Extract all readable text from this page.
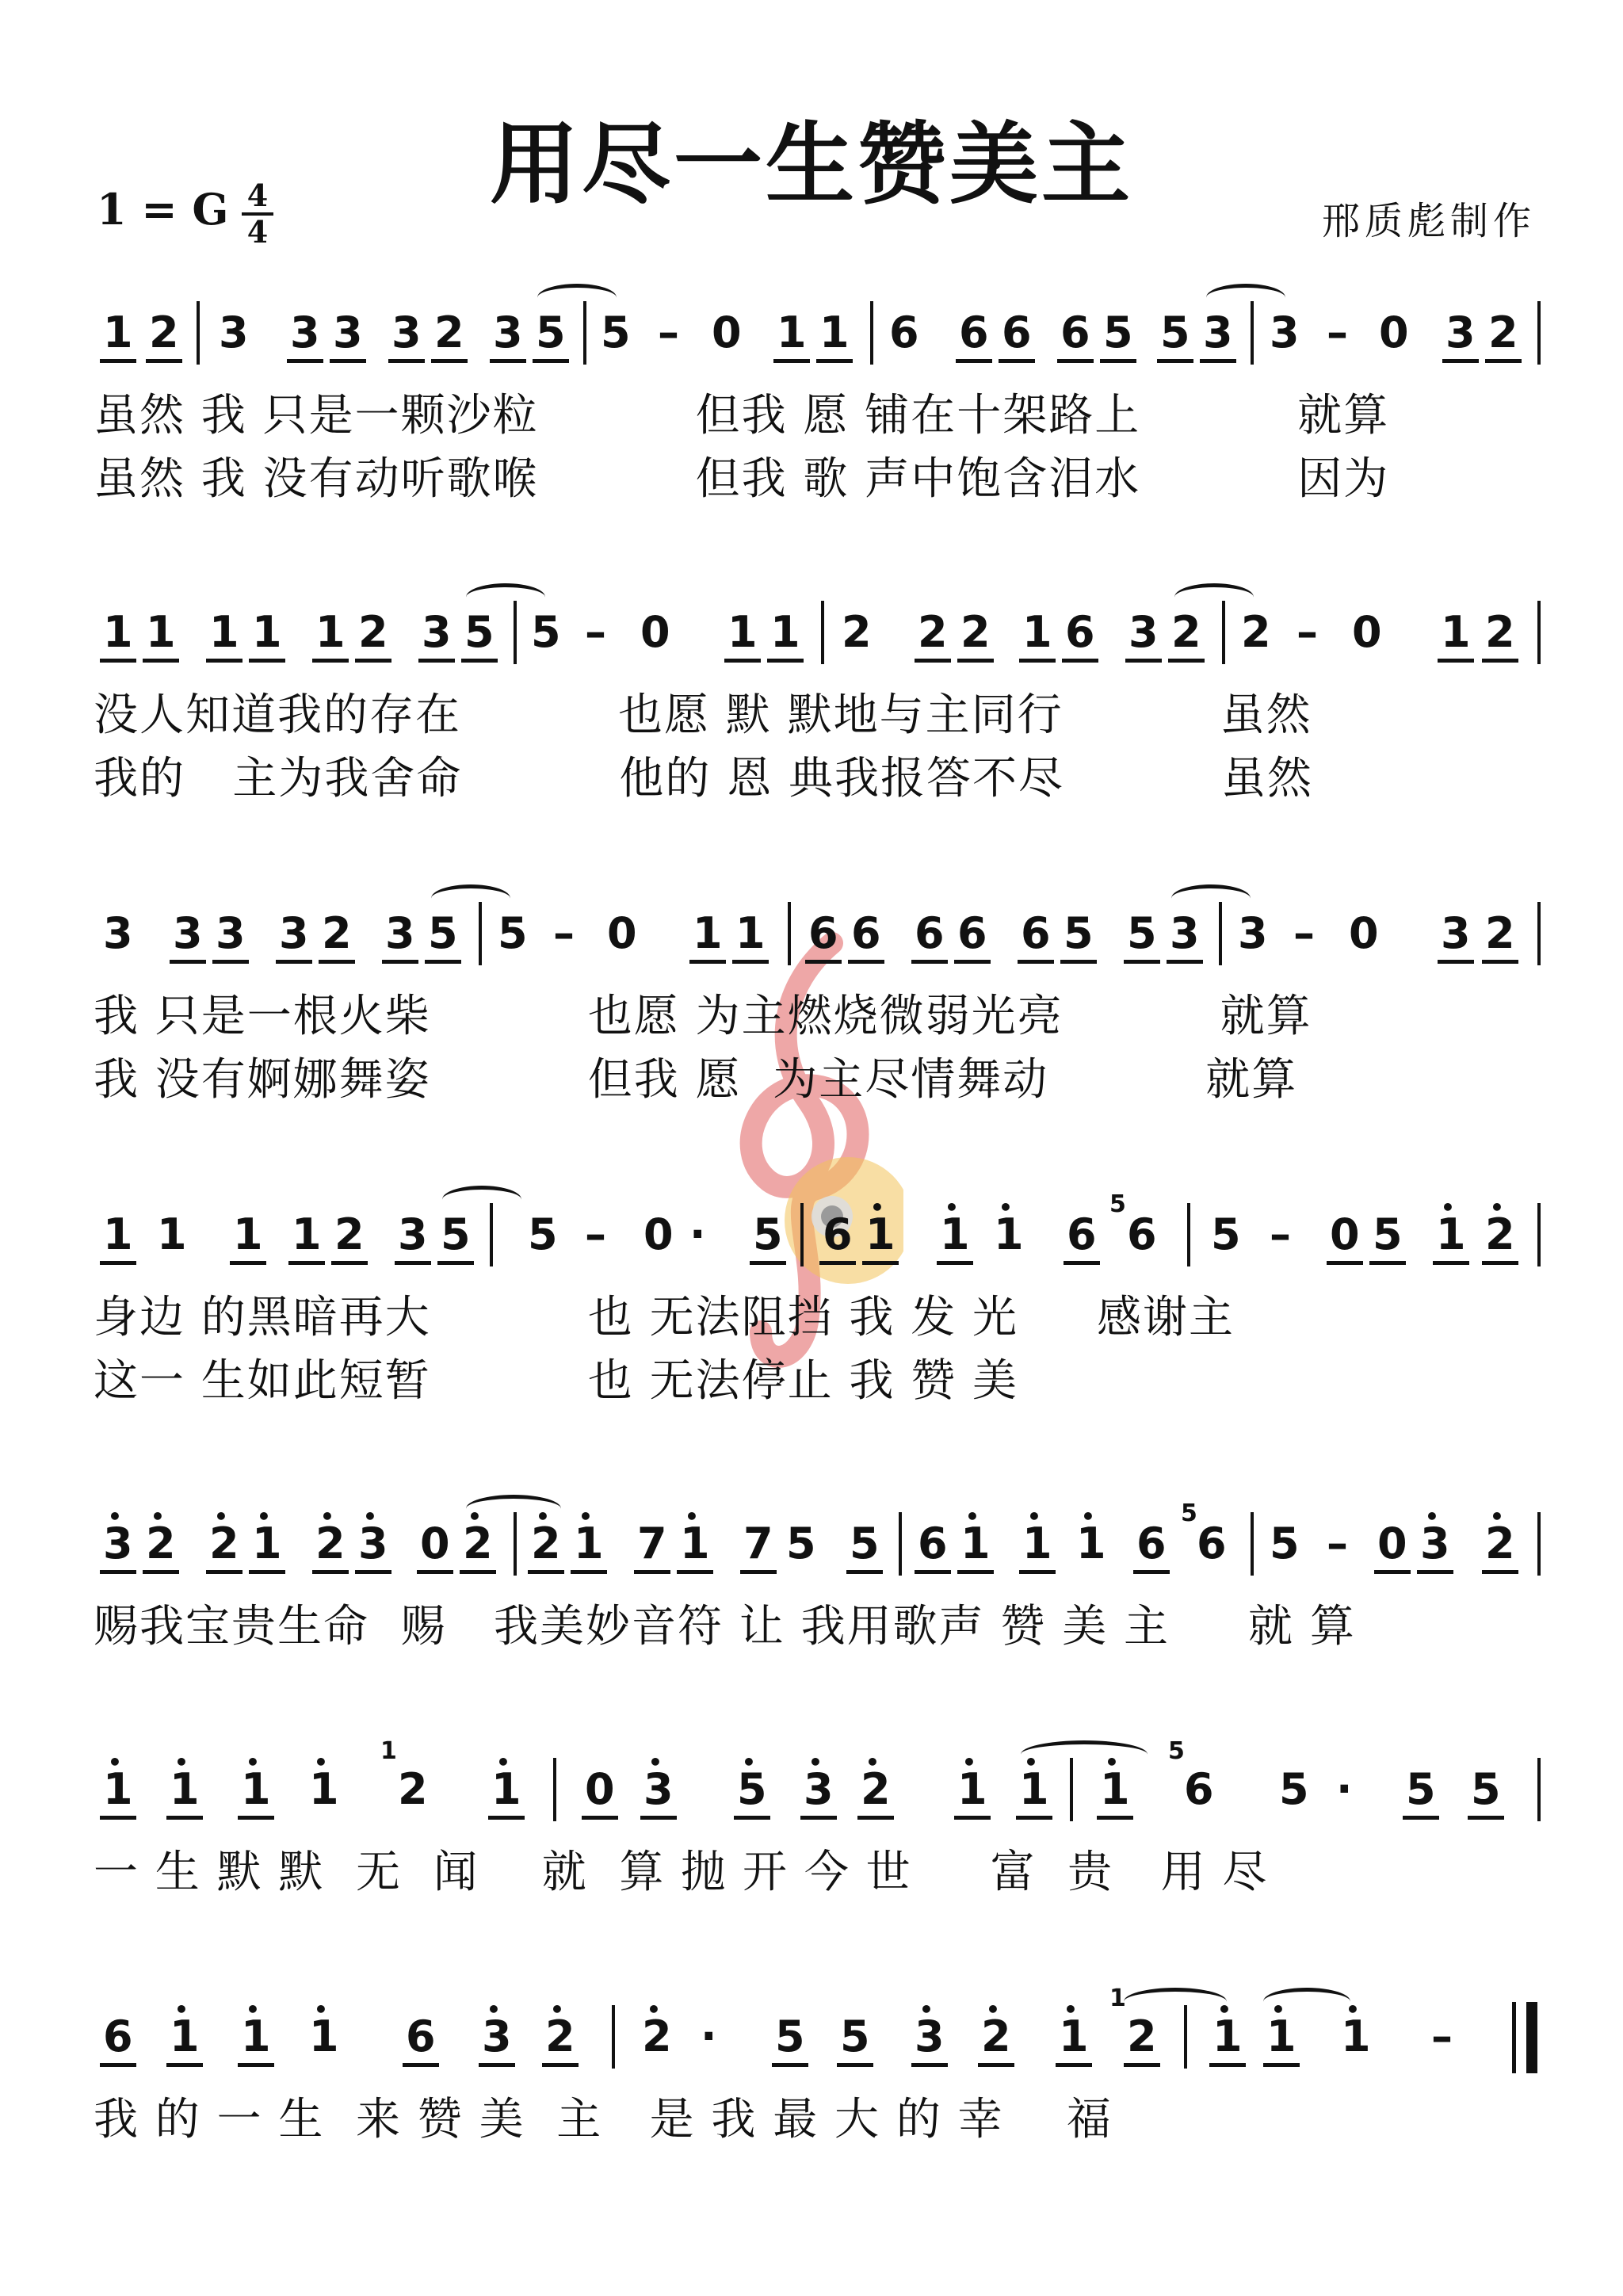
用尽一生赞美主
1 = G 4
4	邢质彪制作
1 2 3 3 3 3 2 3 5 5 – 0 1 1 6 6 6 6 5 5 3 3 – 0 3 2
虽然 我 只是一颗沙粒          但我 愿 铺在十架路上          就算
虽然 我 没有动听歌喉          但我 歌 声中饱含泪水          因为
1 1 1 1 1 2 3 5 5 – 0 1 1 2 2 2 1 6 3 2 2 – 0 1 2
没人知道我的存在          也愿 默 默地与主同行          虽然
我的   主为我舍命          他的 恩 典我报答不尽          虽然
3 3 3 3 2 3 5 5 – 0 1 1 6 6 6 6 6 5 5 3 3 – 0 3 2
我 只是一根火柴          也愿 为主燃烧微弱光亮          就算
我 没有婀娜舞姿          但我 愿  为主尽情舞动          就算
1 1 1 1 2 3 5 5 – 0 · 5 6 • 1 • 1 • 1 6
5
6 5 – 0 5 • 1 • 2
身边 的黑暗再大          也 无法阻挡 我 发 光     感谢主
这一 生如此短暂          也 无法停止 我 赞 美
• 3 • 2 • 2 • 1 • 2 • 3 0 • 2 • 2 • 1 7 • 1 7 5 5 6 • 1 • 1 • 1 6
5
6 5 – 0 • 3 • 2
赐我宝贵生命  赐   我美妙音符 让 我用歌声 赞 美 主     就 算
• 1 • 1 • 1 • 1
1
2 • 1 0 • 3 • 5 • 3 • 2 • 1 • 1 • 1
5
6 5 · 5 5
一 生 默 默  无  闻    就  算 抛 开 今 世     富  贵   用 尽
6 • 1 • 1 • 1 6 • 3 • 2 • 2 · 5 5 • 3 • 2 • 1
1
2 • 1 • 1 • 1 –
我 的 一 生  来 赞 美  主   是 我 最 大 的 幸    福
